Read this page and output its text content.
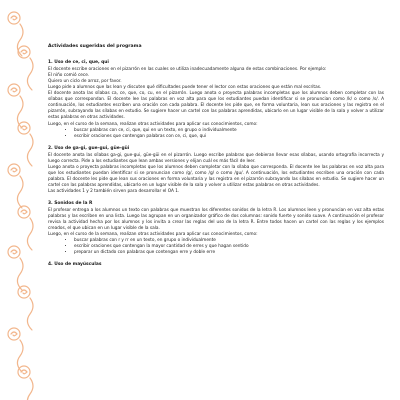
Actividades sugeridas del programa
1. Uso de ce, ci, que, qui

El docente escribe oraciones en el pizarrón en las cuales se utiliza inadecuadamente alguna de estas combinaciones. Por ejemplo:

El niño comió cece.

Quiero un ciclo de arroz, por favor.

Luego pide a alumnos que las lean y discuten qué dificultades puede tener el lector con estas oraciones que están mal escritas.

El docente anota las sílabas ca, ce, que, co, cu, en el pizarrón. Luego anota o proyecta palabras incompletas que los alumnos deben completar con las sílabas que correspondan. El docente lee las palabras en voz alta para que los estudiantes puedan identificar si se pronuncian como /k/ o como /s/. A continuación, los estudiantes escriben una oración con cada palabra. El docente les pide que, en forma voluntaria, lean sus oraciones y las registra en el pizarrón, subrayando las sílabas en estudio. Se sugiere hacer un cartel con las palabras aprendidas, ubicarlo en un lugar visible de la sala y volver a utilizar estas palabras en otras actividades.

Luego, en el curso de la semana, realizan otras actividades para aplicar sus conocimientos, como:

• buscar palabras con ce, ci, que, qui en un texto, en grupo o individualmente
• escribir oraciones que contengan palabras con ce, ci, que, qui
2. Uso de ga-gi, gue-gui, güe-güi

El docente anota las sílabas ga-gi, gue-gui, güe-güi en el pizarrón. Luego escribe palabras que debieran llevar esas sílabas, usando ortografía incorrecta y luego correcta. Pide a los estudiantes que lean ambas versiones y elijan cuál es más fácil de leer.

Luego anota o proyecta palabras incompletas que los alumnos deben completar con la sílaba que corresponda. El docente lee las palabras en voz alta para que los estudiantes puedan identificar si se pronuncian como /g/, como /g/ o como /gu/. A continuación, los estudiantes escriben una oración con cada palabra. El docente les pide que lean sus oraciones en forma voluntaria y las registra en el pizarrón subrayando las sílabas en estudio. Se sugiere hacer un cartel con las palabras aprendidas, ubicarlo en un lugar visible de la sala y volver a utilizar estas palabras en otras actividades.

Las actividades 1 y 2 también sirven para desarrollar el OA 1.

3. Sonidos de la R

El profesor entrega a los alumnos un texto con palabras que muestran los diferentes sonidos de la letra R. Los alumnos leen y pronuncian en voz alta estas palabras y las escriben en una lista. Luego las agrupan en un organizador gráfico de dos columnas: sonido fuerte y sonido suave. A continuación el profesor revisa la actividad hecha por los alumnos y los invita a crear las reglas del uso de la letra R. Entre todos hacen un cartel con las reglas y los ejemplos creados, el que ubican en un lugar visible de la sala.

Luego, en el curso de la semana, realizan otras actividades para aplicar sus conocimientos, como:

• buscar palabras con r y rr en un texto, en grupo o individualmente
• escribir oraciones que contengan la mayor cantidad de erres y que hagan sentido
• preparar un dictado con palabras que contengan erre y doble erre
4. Uso de mayúsculas
